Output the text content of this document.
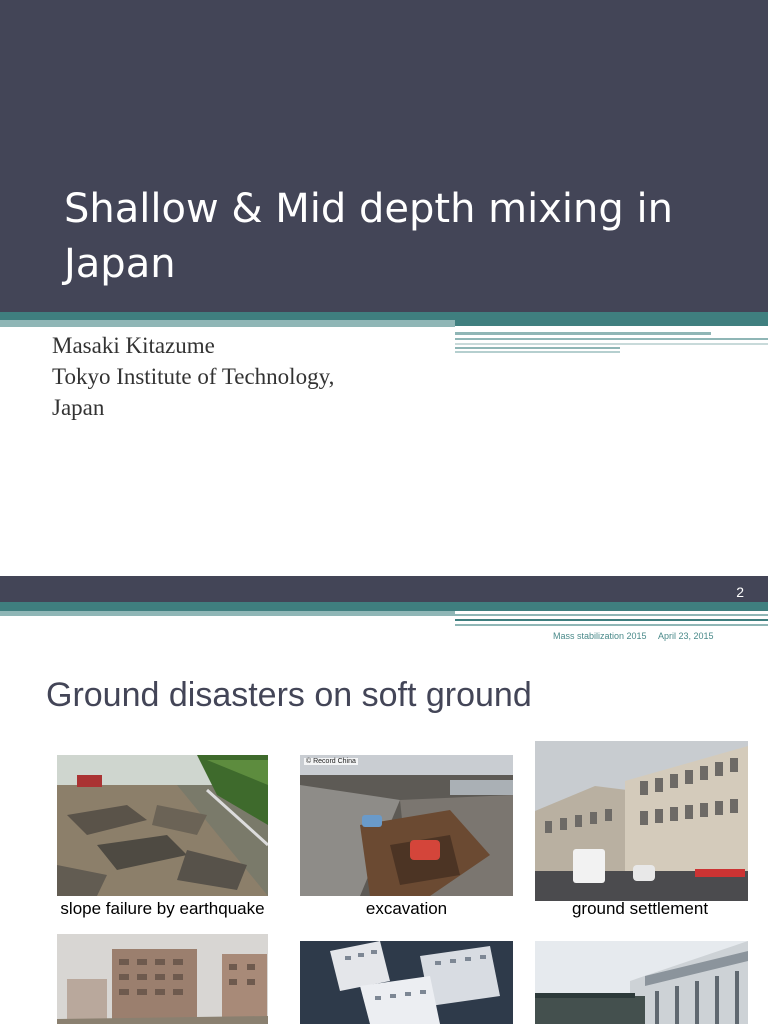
Shallow & Mid depth mixing in
Japan
Masaki Kitazume
Tokyo Institute of Technology,
Japan
2
Mass stabilization 2015 April 23, 2015
Ground disasters on soft ground
slope failure by earthquake
© Record China
excavation	ground settlement
